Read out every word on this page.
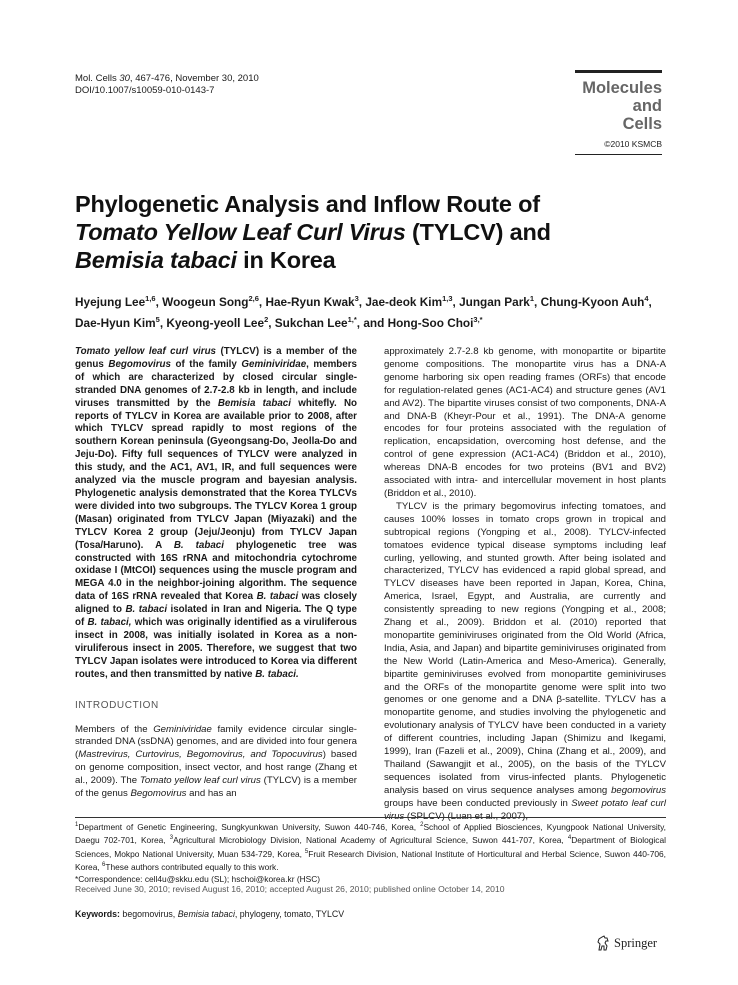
Mol. Cells 30, 467-476, November 30, 2010
DOI/10.1007/s10059-010-0143-7	Molecules
and
Cells
©2010 KSMCB
Phylogenetic Analysis and Inflow Route of
Tomato Yellow Leaf Curl Virus (TYLCV) and
Bemisia tabaci in Korea
Hyejung Lee$^{1,6}$, Woogeun Song$^{2,6}$, Hae-Ryun Kwak$^3$, Jae-deok Kim$^{1,3}$, Jungan Park$^1$, Chung-Kyoon Auh$^4$,
Dae-Hyun Kim$^5$, Kyeong-yeoll Lee$^2$, Sukchan Lee$^{1,*}$, and Hong-Soo Choi$^{3,*}$

Tomato yellow leaf curl virus (TYLCV) is a member of the genus Begomovirus of the family Geminiviridae, members of which are characterized by closed circular single-stranded DNA genomes of 2.7-2.8 kb in length, and include viruses transmitted by the Bemisia tabaci whitefly. No reports of TYLCV in Korea are available prior to 2008, after which TYLCV spread rapidly to most regions of the southern Korean peninsula (Gyeongsang-Do, Jeolla-Do and Jeju-Do). Fifty full sequences of TYLCV were analyzed in this study, and the AC1, AV1, IR, and full sequences were analyzed via the muscle program and bayesian analysis. Phylogenetic analysis demonstrated that the Korea TYLCVs were divided into two subgroups. The TYLCV Korea 1 group (Masan) originated from TYLCV Japan (Miyazaki) and the TYLCV Korea 2 group (Jeju/Jeonju) from TYLCV Japan (Tosa/Haruno). A B. tabaci phylogenetic tree was constructed with 16S rRNA and mitochondria cytochrome oxidase I (MtCOI) sequences using the muscle program and MEGA 4.0 in the neighbor-joining algorithm. The sequence data of 16S rRNA revealed that Korea B. tabaci was closely aligned to B. tabaci isolated in Iran and Nigeria. The Q type of B. tabaci, which was originally identified as a viruliferous insect in 2008, was initially isolated in Korea as a non-viruliferous insect in 2005. Therefore, we suggest that two TYLCV Japan isolates were introduced to Korea via different routes, and then transmitted by native B. tabaci.

INTRODUCTION

Members of the Geminiviridae family evidence circular single-stranded DNA (ssDNA) genomes, and are divided into four genera (Mastrevirus, Curtovirus, Begomovirus, and Topocuvirus) based on genome composition, insect vector, and host range (Zhang et al., 2009). The Tomato yellow leaf curl virus (TYLCV) is a member of the genus Begomovirus and has an

approximately 2.7-2.8 kb genome, with monopartite or bipartite genome compositions. The monopartite virus has a DNA-A genome harboring six open reading frames (ORFs) that encode for regulation-related genes (AC1-AC4) and structure genes (AV1 and AV2). The bipartite viruses consist of two components, DNA-A and DNA-B (Kheyr-Pour et al., 1991). The DNA-A genome encodes for four proteins associated with the regulation of replication, encapsidation, overcoming host defense, and the control of gene expression (AC1-AC4) (Briddon et al., 2010), whereas DNA-B encodes for two proteins (BV1 and BV2) associated with intra- and intercellular movement in host plants (Briddon et al., 2010).

TYLCV is the primary begomovirus infecting tomatoes, and causes 100% losses in tomato crops grown in tropical and subtropical regions (Yongping et al., 2008). TYLCV-infected tomatoes evidence typical disease symptoms including leaf curling, yellowing, and stunted growth. After being isolated and characterized, TYLCV has evidenced a rapid global spread, and TYLCV diseases have been reported in Japan, Korea, China, America, Israel, Egypt, and Australia, are currently and consistently spreading to new regions (Yongping et al., 2008; Zhang et al., 2009). Briddon et al. (2010) reported that monopartite geminiviruses originated from the Old World (Africa, India, Asia, and Japan) and bipartite geminiviruses originated from the New World (Latin-America and Meso-America). Generally, bipartite geminiviruses evolved from monopartite geminiviruses and the ORFs of the monopartite genome were split into two genomes or one genome and a DNA β-satellite. TYLCV has a monopartite genome, and studies involving the phylogenetic and evolutionary analysis of TYLCV have been conducted in a variety of different countries, including Japan (Shimizu and Ikegami, 1999), Iran (Fazeli et al., 2009), China (Zhang et al., 2009), and Thailand (Sawangjit et al., 2005), on the basis of the TYLCV sequences isolated from virus-infected plants. Phylogenetic analysis based on virus sequence analyses among begomovirus groups have been conducted previously in Sweet potato leaf curl virus (SPLCV) (Luan et al., 2007),

$^1$Department of Genetic Engineering, Sungkyunkwan University, Suwon 440-746, Korea, $^2$School of Applied Biosciences, Kyungpook National University, Daegu 702-701, Korea, $^3$Agricultural Microbiology Division, National Academy of Agricultural Science, Suwon 441-707, Korea, $^4$Department of Biological Sciences, Mokpo National University, Muan 534-729, Korea, $^5$Fruit Research Division, National Institute of Horticultural and Herbal Science, Suwon 440-706, Korea, $^6$These authors contributed equally to this work.
*Correspondence: cell4u@skku.edu (SL); hschoi@korea.kr (HSC)
Received June 30, 2010; revised August 16, 2010; accepted August 26, 2010; published online October 14, 2010
Keywords: begomovirus, Bemisia tabaci, phylogeny, tomato, TYLCV
Springer
